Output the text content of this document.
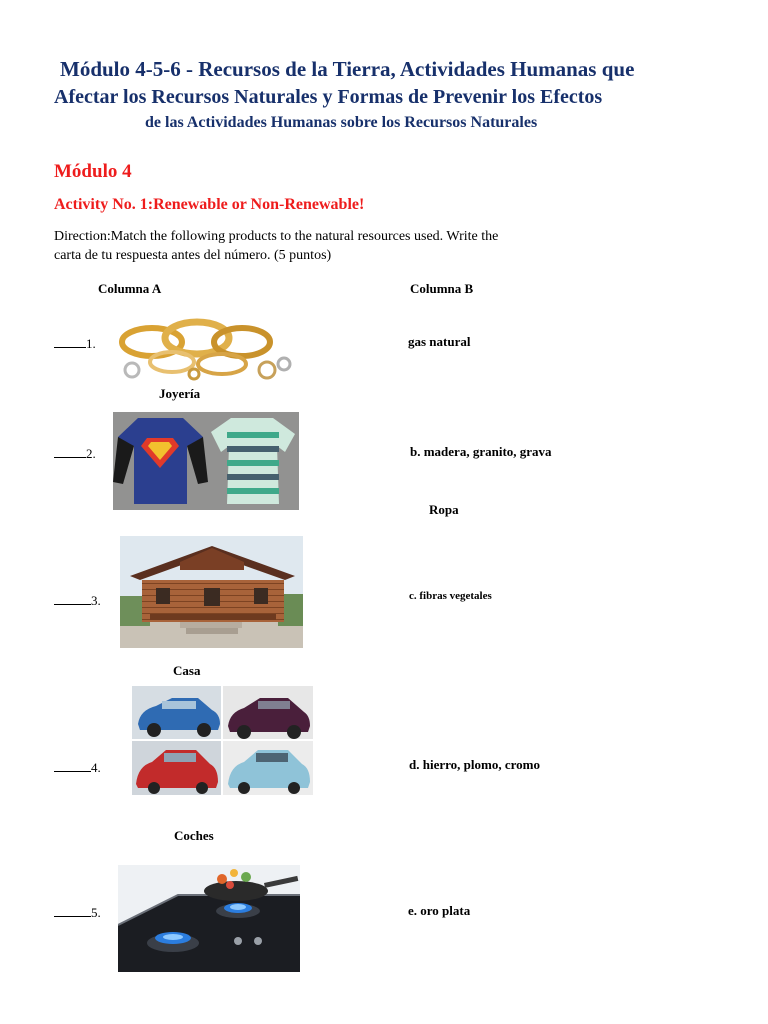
Módulo 4-5-6 - Recursos de la Tierra, Actividades Humanas que
Afectar los Recursos Naturales y Formas de Prevenir los Efectos
de las Actividades Humanas sobre los Recursos Naturales
Módulo 4
Activity No. 1:Renewable or Non-Renewable!
Direction:Match the following products to the natural resources used. Write the
carta de tu respuesta antes del número. (5 puntos)
Columna A	Columna B
1.
Joyería
gas natural
2.
Ropa
b. madera, granito, grava
3.
Casa
c. fibras vegetales
4.
Coches
d. hierro, plomo, cromo
5.	e. oro plata
